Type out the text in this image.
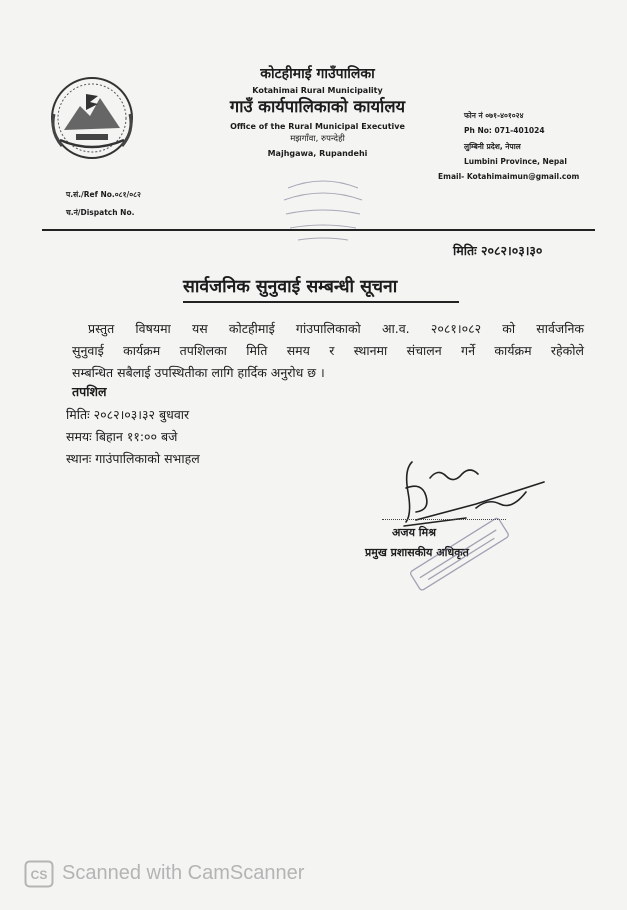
कोटहीमाई गाउँपालिका
Kotahimai Rural Municipality
गाउँ कार्यपालिकाको कार्यालय
Office of the Rural Municipal Executive
मझगाँवा, रुपन्देही
Majhgawa, Rupandehi
फोन नं ०७१-४०१०२४
Ph No: 071-401024
लुम्बिनी प्रदेश, नेपाल
Lumbini Province, Nepal
Email- Kotahimaimun@gmail.com
प.सं./Ref No.०८१/०८२
च.नं/Dispatch No.
मितिः २०८२।०३।३०
सार्वजनिक सुनुवाई सम्बन्धी सूचना

प्रस्तुत विषयमा यस कोटहीमाई गांउपालिकाको आ.व. २०८१।०८२ को सार्वजनिक

सुनुवाई कार्यक्रम तपशिलका मिति समय र स्थानमा संचालन गर्ने कार्यक्रम रहेकोले

सम्बन्धित सबैलाई उपस्थितीका लागि हार्दिक अनुरोध छ ।

तपशिल
मितिः २०८२।०३।३२ बुधवार
समयः बिहान ११:०० बजे
स्थानः गाउंपालिकाको सभाहल
अजय मिश्र
प्रमुख प्रशासकीय अधिकृत
CS Scanned with CamScanner
